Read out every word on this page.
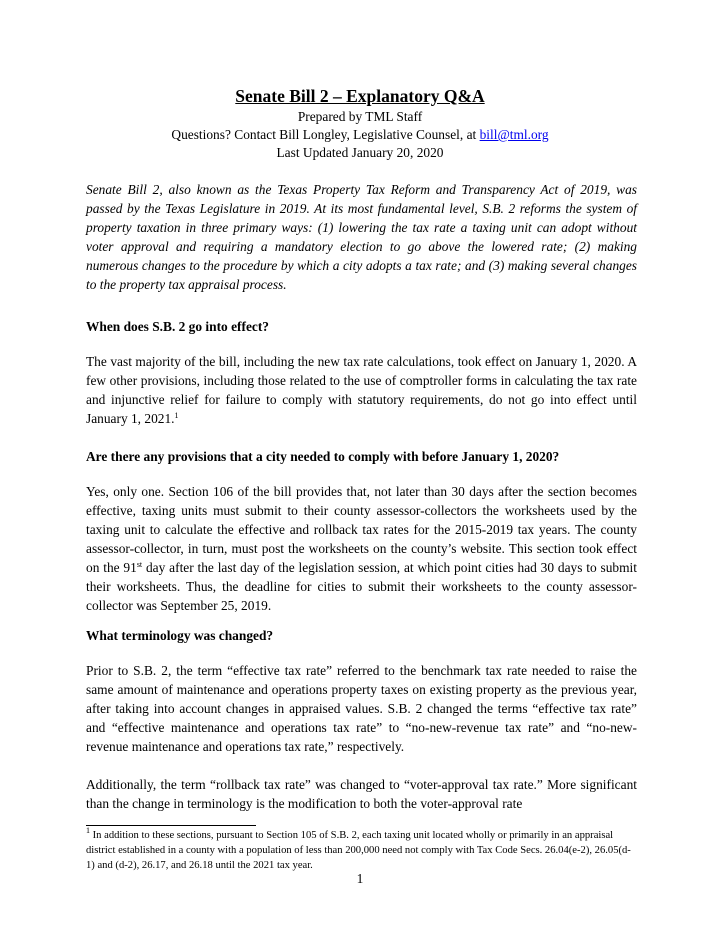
Senate Bill 2 – Explanatory Q&A
Prepared by TML Staff
Questions? Contact Bill Longley, Legislative Counsel, at bill@tml.org
Last Updated January 20, 2020

Senate Bill 2, also known as the Texas Property Tax Reform and Transparency Act of 2019, was passed by the Texas Legislature in 2019. At its most fundamental level, S.B. 2 reforms the system of property taxation in three primary ways: (1) lowering the tax rate a taxing unit can adopt without voter approval and requiring a mandatory election to go above the lowered rate; (2) making numerous changes to the procedure by which a city adopts a tax rate; and (3) making several changes to the property tax appraisal process.

When does S.B. 2 go into effect?

The vast majority of the bill, including the new tax rate calculations, took effect on January 1, 2020. A few other provisions, including those related to the use of comptroller forms in calculating the tax rate and injunctive relief for failure to comply with statutory requirements, do not go into effect until January 1, 2021.$^1$

Are there any provisions that a city needed to comply with before January 1, 2020?

Yes, only one. Section 106 of the bill provides that, not later than 30 days after the section becomes effective, taxing units must submit to their county assessor-collectors the worksheets used by the taxing unit to calculate the effective and rollback tax rates for the 2015-2019 tax years. The county assessor-collector, in turn, must post the worksheets on the county’s website. This section took effect on the 91st day after the last day of the legislation session, at which point cities had 30 days to submit their worksheets. Thus, the deadline for cities to submit their worksheets to the county assessor-collector was September 25, 2019.

What terminology was changed?

Prior to S.B. 2, the term “effective tax rate” referred to the benchmark tax rate needed to raise the same amount of maintenance and operations property taxes on existing property as the previous year, after taking into account changes in appraised values. S.B. 2 changed the terms “effective tax rate” and “effective maintenance and operations tax rate” to “no-new-revenue tax rate” and “no-new-revenue maintenance and operations tax rate,” respectively.

Additionally, the term “rollback tax rate” was changed to “voter-approval tax rate.” More significant than the change in terminology is the modification to both the voter-approval rate

$^1$ In addition to these sections, pursuant to Section 105 of S.B. 2, each taxing unit located wholly or primarily in an appraisal district established in a county with a population of less than 200,000 need not comply with Tax Code Secs. 26.04(e-2), 26.05(d-1) and (d-2), 26.17, and 26.18 until the 2021 tax year.

1
